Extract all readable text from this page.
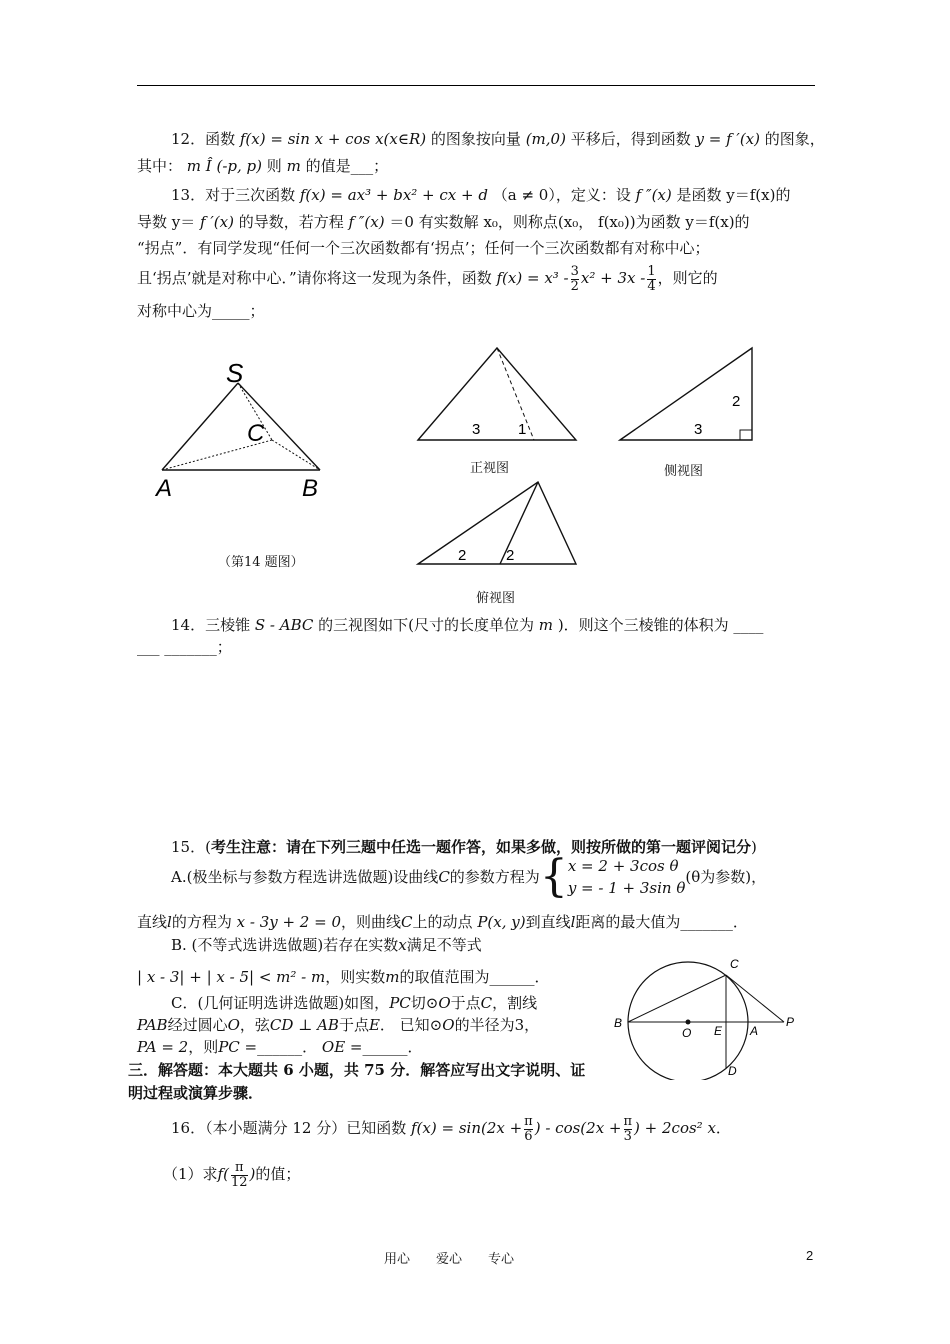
12．函数 f(x) = sin x + cos x(x∈R) 的图象按向量 (m,0) 平移后，得到函数 y = f ′(x) 的图象，
其中： m Î (-p, p) 则 m 的值是___；
13．对于三次函数 f(x) = ax³ + bx² + cx + d （a ≠ 0），定义：设 f ″(x) 是函数 y＝f(x)的
导数 y＝ f ′(x) 的导数，若方程 f ″(x) ＝0 有实数解 x₀，则称点(x₀， f(x₀))为函数 y＝f(x)的
“拐点”．有同学发现“任何一个三次函数都有‘拐点’；任何一个三次函数都有对称中心；
且‘拐点’就是对称中心．”请你将这一发现为条件，函数 $f(x) = x^3 - \frac{3}{2} x^2 + 3x - \frac{1}{4}$ ，则它的
对称中心为_____；
S
C
A	B
（第14 题图）
3	1
正视图
2
3
侧视图
2	2
俯视图
14．三棱锥 S - ABC 的三视图如下(尺寸的长度单位为 m )．则这个三棱锥的体积为 ____
___ _______；
15．(考生注意：请在下列三题中任选一题作答，如果多做，则按所做的第一题评阅记分)
A.(极坐标与参数方程选讲选做题)设曲线C的参数方程为{ x = 2 + 3cos θ
y = - 1 + 3sin θ
(θ为参数)，
直线l的方程为 x - 3y + 2 = 0，则曲线C上的动点 P(x, y)到直线l距离的最大值为_______．
B. (不等式选讲选做题)若存在实数x满足不等式
| x - 3| + | x - 5| < m² - m，则实数m的取值范围为______．
C．(几何证明选讲选做题)如图，PC切⊙O于点C，割线
PAB经过圆心O，弦CD ⊥ AB于点E． 已知⊙O的半径为3，
PA = 2，则PC =______． OE =______．
C
B
O E A
P
D
三．解答题：本大题共 6 小题，共 75 分．解答应写出文字说明、证
明过程或演算步骤．
16．（本小题满分 12 分）已知函数 $f(x) = \sin(2x + \frac{\pi}{6}$ ) - $\cos(2x + \frac{\pi}{3}$ ) + 2cos² x．
（1）求$f( \frac{\pi}{12}$ )的值；
用心　　爱心　　专心	2
